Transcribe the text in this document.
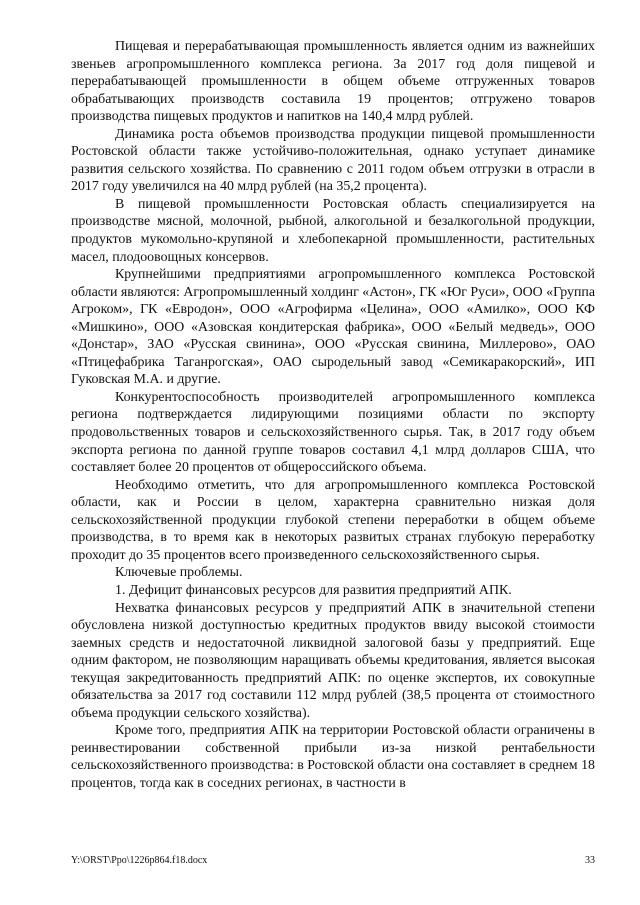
Пищевая и перерабатывающая промышленность является одним из важнейших звеньев агропромышленного комплекса региона. За 2017 год доля пищевой и перерабатывающей промышленности в общем объеме отгруженных товаров обрабатывающих производств составила 19 процентов; отгружено товаров производства пищевых продуктов и напитков на 140,4 млрд рублей.

Динамика роста объемов производства продукции пищевой промышленности Ростовской области также устойчиво-положительная, однако уступает динамике развития сельского хозяйства. По сравнению с 2011 годом объем отгрузки в отрасли в 2017 году увеличился на 40 млрд рублей (на 35,2 процента).

В пищевой промышленности Ростовская область специализируется на производстве мясной, молочной, рыбной, алкогольной и безалкогольной продукции, продуктов мукомольно-крупяной и хлебопекарной промышленности, растительных масел, плодоовощных консервов.

Крупнейшими предприятиями агропромышленного комплекса Ростовской области являются: Агропромышленный холдинг «Астон», ГК «Юг Руси», ООО «Группа Агроком», ГК «Евродон», ООО «Агрофирма «Целина», ООО «Амилко», ООО КФ «Мишкино», ООО «Азовская кондитерская фабрика», ООО «Белый медведь», ООО «Донстар», ЗАО «Русская свинина», ООО «Русская свинина, Миллерово», ОАО «Птицефабрика Таганрогская», ОАО сыродельный завод «Семикаракорский», ИП Гуковская М.А. и другие.

Конкурентоспособность производителей агропромышленного комплекса региона подтверждается лидирующими позициями области по экспорту продовольственных товаров и сельскохозяйственного сырья. Так, в 2017 году объем экспорта региона по данной группе товаров составил 4,1 млрд долларов США, что составляет более 20 процентов от общероссийского объема.

Необходимо отметить, что для агропромышленного комплекса Ростовской области, как и России в целом, характерна сравнительно низкая доля сельскохозяйственной продукции глубокой степени переработки в общем объеме производства, в то время как в некоторых развитых странах глубокую переработку проходит до 35 процентов всего произведенного сельскохозяйственного сырья.

Ключевые проблемы.

1. Дефицит финансовых ресурсов для развития предприятий АПК.

Нехватка финансовых ресурсов у предприятий АПК в значительной степени обусловлена низкой доступностью кредитных продуктов ввиду высокой стоимости заемных средств и недостаточной ликвидной залоговой базы у предприятий. Еще одним фактором, не позволяющим наращивать объемы кредитования, является высокая текущая закредитованность предприятий АПК: по оценке экспертов, их совокупные обязательства за 2017 год составили 112 млрд рублей (38,5 процента от стоимостного объема продукции сельского хозяйства).

Кроме того, предприятия АПК на территории Ростовской области ограничены в реинвестировании собственной прибыли из-за низкой рентабельности сельскохозяйственного производства: в Ростовской области она составляет в среднем 18 процентов, тогда как в соседних регионах, в частности в

Y:\ORST\Ppo\1226p864.f18.docx	33
